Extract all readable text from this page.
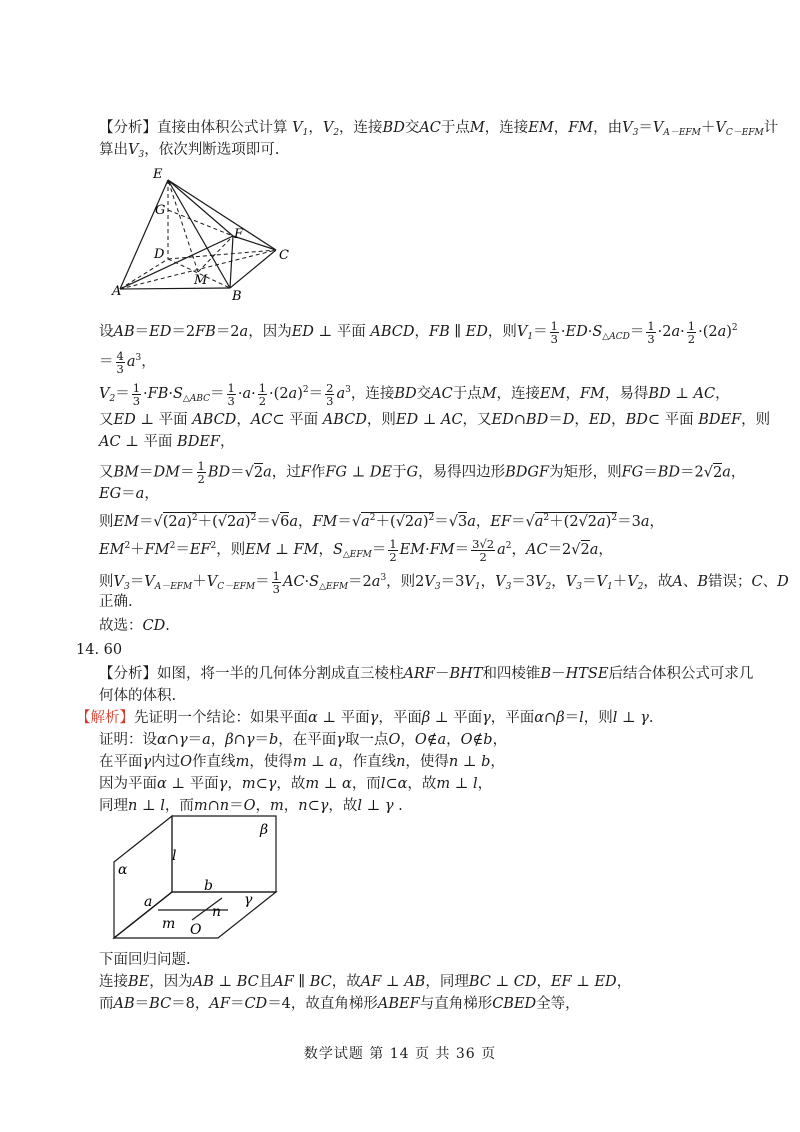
【分析】直接由体积公式计算 $V_1$，$V_2$，连接BD交AC于点M，连接EM，FM，由$V_3=V_{A-EFM}+V_{C-EFM}$计
算出$V_3$，依次判断选项即可.
E
G
D
F
C
M
A	B
设AB＝ED＝2FB＝2a，因为ED ⊥ 平面 ABCD，FB ∥ ED，则$V_1= \frac{1}{3} \cdot ED\cdot S_{\triangle ACD}= \frac{1}{3} \cdot 2a\cdot \frac{1}{2} \cdot(2a)^2$
＝ $\frac{4}{3} a^3$，
$V_2= \frac{1}{3} \cdot FB\cdot S_{\triangle ABC}= \frac{1}{3} \cdot a\cdot \frac{1}{2} \cdot(2a)^2= \frac{2}{3} a^3$，连接BD交AC于点M，连接EM，FM，易得BD ⊥ AC，
又ED ⊥ 平面 ABCD，AC⊂ 平面 ABCD，则ED ⊥ AC，又ED∩BD＝D，ED，BD⊂ 平面 BDEF，则
AC ⊥ 平面 BDEF，
又$BM=DM= \frac{1}{2} BD=√2a$，过F作FG ⊥ DE于G，易得四边形BDGF为矩形，则FG＝BD＝2√2a，
EG＝a，
则$EM=√(2a)^2+(√2a)^2=√6a$，$FM=√a^2+(√2a)^2=√3a$，$EF=√a^2+(2√2a)^2=3a$，
$EM^2+FM^2=EF^2$，则EM ⊥ FM，$S_{\triangle EFM}= \frac{1}{2} EM\cdot FM= \frac{3√2}{2} a^2$，AC＝2√2a，
则$V_3=V_{A-EFM}+V_{C-EFM}= \frac{1}{3} AC\cdot S_{\triangle EFM}=2a^3$，则$2V_3=3V_1$，$V_3=3V_2$，$V_3=V_1+V_2$，故A、B错误；C、D
正确.
故选：CD.
14. 60
【分析】如图，将一半的几何体分割成直三棱柱ARF－BHT和四棱锥B－HTSE后结合体积公式可求几
何体的体积.
【解析】先证明一个结论：如果平面α ⊥ 平面γ，平面β ⊥ 平面γ，平面α∩β＝l，则l ⊥ γ.
证明：设α∩γ＝a，β∩γ＝b，在平面γ取一点O，O∉a，O∉b，
在平面γ内过O作直线m，使得m ⊥ a，作直线n，使得n ⊥ b，
因为平面α ⊥ 平面γ，m⊂γ，故m ⊥ α，而l⊂α，故m ⊥ l，
同理n ⊥ l，而m∩n＝O，m，n⊂γ，故l ⊥ γ .
β
l
α
b
γ
a
n
m O
下面回归问题.
连接BE，因为AB ⊥ BC且AF ∥ BC，故AF ⊥ AB，同理BC ⊥ CD，EF ⊥ ED，
而AB＝BC＝8，AF＝CD＝4，故直角梯形ABEF与直角梯形CBED全等，
数学试题 第 14 页 共 36 页
